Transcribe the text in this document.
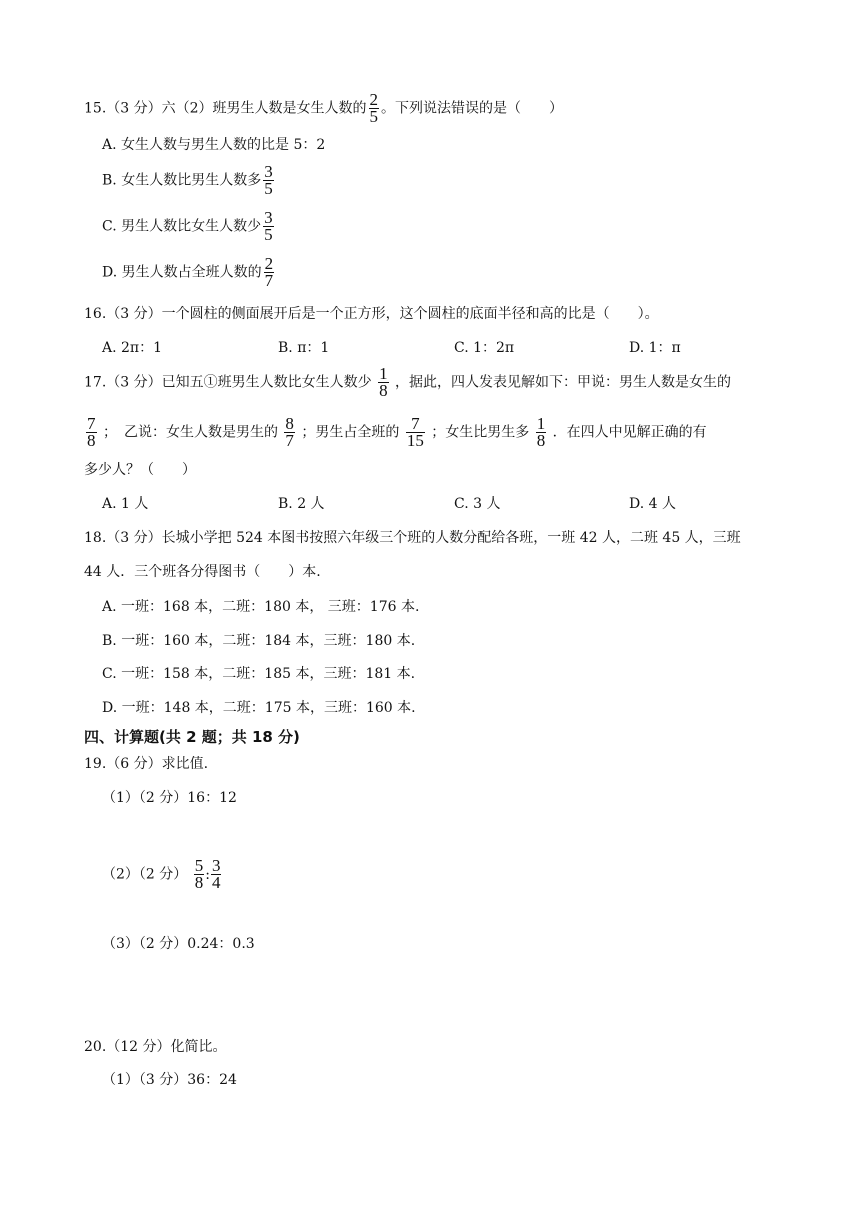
15.（3 分）六（2）班男生人数是女生人数的 $\frac{2}{5}$ 。下列说法错误的是（　　）
A. 女生人数与男生人数的比是 5：2
B. 女生人数比男生人数多 $\frac{3}{5}$
C. 男生人数比女生人数少 $\frac{3}{5}$
D. 男生人数占全班人数的 $\frac{2}{7}$
16.（3 分）一个圆柱的侧面展开后是一个正方形，这个圆柱的底面半径和高的比是（　　）。
A. 2π：1	B. π：1	C. 1：2π	D. 1：π
17.（3 分）已知五①班男生人数比女生人数少 $\frac{1}{8}$ ，据此，四人发表见解如下：甲说：男生人数是女生的
$\frac{7}{8}$ ；　乙说：女生人数是男生的 $\frac{8}{7}$ ；男生占全班的 $\frac{7}{15}$ ；女生比男生多 $\frac{1}{8}$ ．在四人中见解正确的有
多少人？（　　）
A. 1 人	B. 2 人	C. 3 人	D. 4 人
18.（3 分）长城小学把 524 本图书按照六年级三个班的人数分配给各班，一班 42 人，二班 45 人，三班
44 人．三个班各分得图书（　　）本.
A. 一班：168 本，二班：180 本， 三班：176 本.
B. 一班：160 本，二班：184 本，三班：180 本.
C. 一班：158 本，二班：185 本，三班：181 本.
D. 一班：148 本，二班：175 本，三班：160 本.
四、计算题(共 2 题；共 18 分)
19.（6 分）求比值.
（1）（2 分）16：12
（2）（2 分） $\frac{5}{8}$ : $\frac{3}{4}$
（3）（2 分）0.24：0.3
20.（12 分）化简比。
（1）（3 分）36：24
